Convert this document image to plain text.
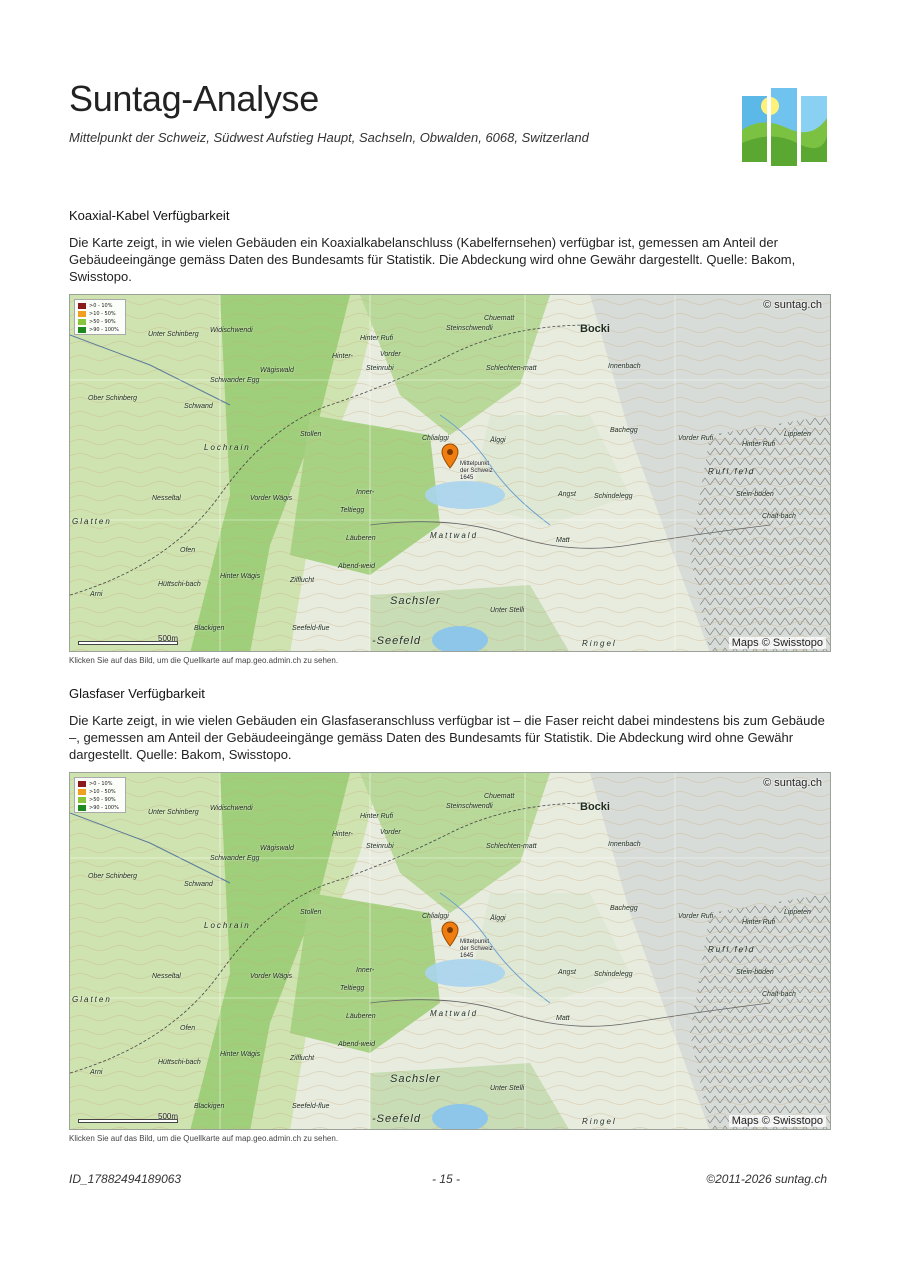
Suntag-Analyse
Mittelpunkt der Schweiz, Südwest Aufstieg Haupt, Sachseln, Obwalden, 6068, Switzerland
Koaxial-Kabel Verfügbarkeit
Die Karte zeigt, in wie vielen Gebäuden ein Koaxialkabelanschluss (Kabelfernsehen) verfügbar ist, gemessen am Anteil der Gebäudeeingänge gemäss Daten des Bundesamts für Statistik. Die Abdeckung wird ohne Gewähr dargestellt. Quelle: Bakom, Swisstopo.
>0 - 10%
>10 - 50%
>50 - 90%
>90 - 100%	Bocki
Chuematt
Steinschwendli
Hinter Rufi
Hinter-	Vorder
Steinrubi	Schlechten-matt	Innenbach
Wägiswald
Widischwendi
Unter Schinberg
Ober Schinberg
Schwander Egg
Schwand
Stollen
Chlialggi	Älggi
Bachegg
Vorder Rufi
Hinter Rufi
Lippeten
Rufl feld
Lochrain
Angst	Schindelegg	Stein-böden
Chalt-bach
Inner-
Teltiegg
Nesseltal	Vorder Wägis
Glatten
Mattwald
Läuberen	Matt
Ofen
Abend-weid
Hinter Wägis
Zilflucht
Hüttschi-bach
Arni
Sachsler
Unter Stelli
Blackigen	Seefeld-flue
-Seefeld	Ringel
Mittelpunkt
der Schweiz
1645
© suntag.ch
Maps © Swisstopo
500m
Klicken Sie auf das Bild, um die Quellkarte auf map.geo.admin.ch zu sehen.
Glasfaser Verfügbarkeit
Die Karte zeigt, in wie vielen Gebäuden ein Glasfaseranschluss verfügbar ist – die Faser reicht dabei mindestens bis zum Gebäude –, gemessen am Anteil der Gebäudeeingänge gemäss Daten des Bundesamts für Statistik. Die Abdeckung wird ohne Gewähr dargestellt. Quelle: Bakom, Swisstopo.
>0 - 10%
>10 - 50%
>50 - 90%
>90 - 100%	Bocki
Chuematt
Steinschwendli
Hinter Rufi
Hinter-	Vorder
Steinrubi	Schlechten-matt	Innenbach
Wägiswald
Widischwendi
Unter Schinberg
Ober Schinberg
Schwander Egg
Schwand
Stollen
Chlialggi	Älggi
Bachegg
Vorder Rufi
Hinter Rufi
Lippeten
Rufl feld
Lochrain
Angst	Schindelegg	Stein-böden
Chalt-bach
Inner-
Teltiegg
Nesseltal	Vorder Wägis
Glatten
Mattwald
Läuberen	Matt
Ofen
Abend-weid
Hinter Wägis
Zilflucht
Hüttschi-bach
Arni
Sachsler
Unter Stelli
Blackigen	Seefeld-flue
-Seefeld	Ringel
Mittelpunkt
der Schweiz
1645
© suntag.ch
Maps © Swisstopo
500m
Klicken Sie auf das Bild, um die Quellkarte auf map.geo.admin.ch zu sehen.
ID_17882494189063	- 15 -	©2011-2026 suntag.ch
